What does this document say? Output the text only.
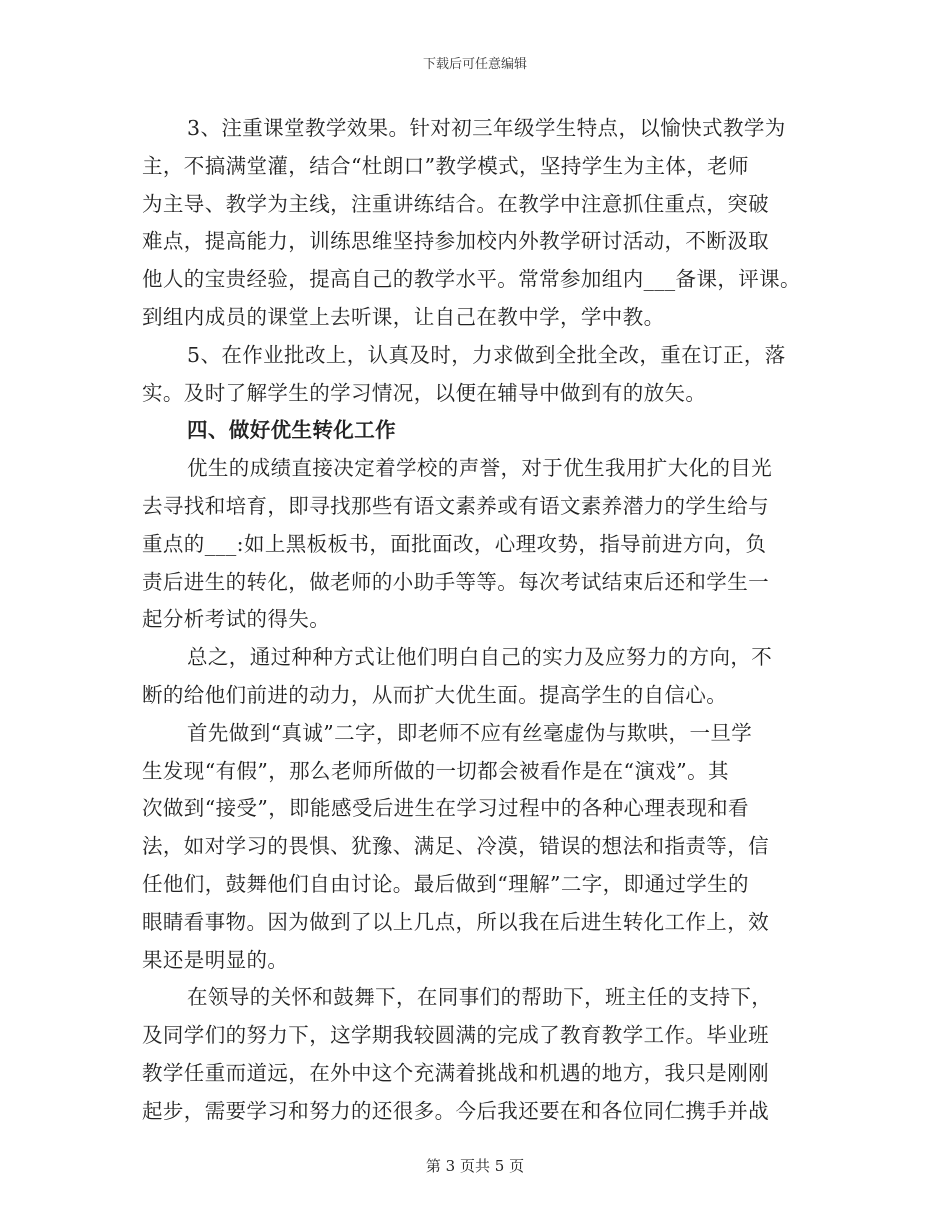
下载后可任意编辑
3、注重课堂教学效果。针对初三年级学生特点，以愉快式教学为
主，不搞满堂灌，结合“杜朗口”教学模式，坚持学生为主体，老师
为主导、教学为主线，注重讲练结合。在教学中注意抓住重点，突破
难点，提高能力，训练思维坚持参加校内外教学研讨活动，不断汲取
他人的宝贵经验，提高自己的教学水平。常常参加组内___备课，评课。
到组内成员的课堂上去听课，让自己在教中学，学中教。
5、在作业批改上，认真及时，力求做到全批全改，重在订正，落
实。及时了解学生的学习情况，以便在辅导中做到有的放矢。
四、做好优生转化工作
优生的成绩直接决定着学校的声誉，对于优生我用扩大化的目光
去寻找和培育，即寻找那些有语文素养或有语文素养潜力的学生给与
重点的___:如上黑板板书，面批面改，心理攻势，指导前进方向，负
责后进生的转化，做老师的小助手等等。每次考试结束后还和学生一
起分析考试的得失。
总之，通过种种方式让他们明白自己的实力及应努力的方向，不
断的给他们前进的动力，从而扩大优生面。提高学生的自信心。
首先做到“真诚”二字，即老师不应有丝毫虚伪与欺哄，一旦学
生发现“有假”，那么老师所做的一切都会被看作是在“演戏”。其
次做到“接受”，即能感受后进生在学习过程中的各种心理表现和看
法，如对学习的畏惧、犹豫、满足、冷漠，错误的想法和指责等，信
任他们，鼓舞他们自由讨论。最后做到“理解”二字，即通过学生的
眼睛看事物。因为做到了以上几点，所以我在后进生转化工作上，效
果还是明显的。
在领导的关怀和鼓舞下，在同事们的帮助下，班主任的支持下，
及同学们的努力下，这学期我较圆满的完成了教育教学工作。毕业班
教学任重而道远，在外中这个充满着挑战和机遇的地方，我只是刚刚
起步，需要学习和努力的还很多。今后我还要在和各位同仁携手并战
第 3 页共 5 页
